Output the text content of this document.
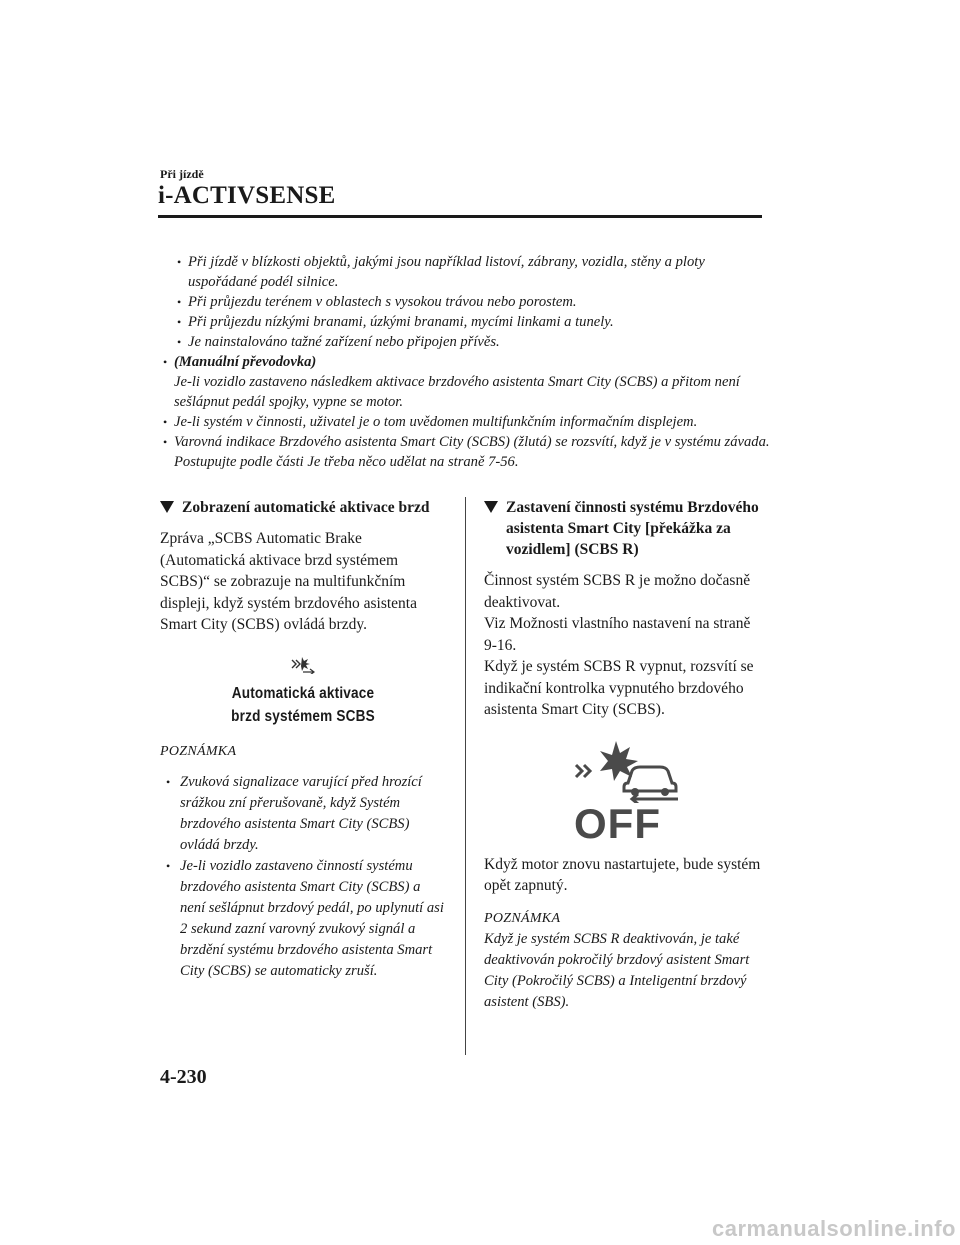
Při jízdě
i-ACTIVSENSE
• Při jízdě v blízkosti objektů, jakými jsou například listoví, zábrany, vozidla, stěny a ploty uspořádané podél silnice.
• Při průjezdu terénem v oblastech s vysokou trávou nebo porostem.
• Při průjezdu nízkými branami, úzkými branami, mycími linkami a tunely.
• Je nainstalováno tažné zařízení nebo připojen přívěs.
• (Manuální převodovka)
Je-li vozidlo zastaveno následkem aktivace brzdového asistenta Smart City (SCBS) a přitom není sešlápnut pedál spojky, vypne se motor.
• Je-li systém v činnosti, uživatel je o tom uvědomen multifunkčním informačním displejem.
• Varovná indikace Brzdového asistenta Smart City (SCBS) (žlutá) se rozsvítí, když je v systému závada.
Postupujte podle části Je třeba něco udělat na straně 7-56.
Zobrazení automatické aktivace brzd
Zpráva „SCBS Automatic Brake (Automatická aktivace brzd systémem SCBS)“ se zobrazuje na multifunkčním displeji, když systém brzdového asistenta Smart City (SCBS) ovládá brzdy.
Automatická aktivace
brzd systémem SCBS
POZNÁMKA
• Zvuková signalizace varující před hrozící srážkou zní přerušovaně, když Systém brzdového asistenta Smart City (SCBS) ovládá brzdy.
• Je-li vozidlo zastaveno činností systému brzdového asistenta Smart City (SCBS) a není sešlápnut brzdový pedál, po uplynutí asi 2 sekund zazní varovný zvukový signál a brzdění systému brzdového asistenta Smart City (SCBS) se automaticky zruší.
Zastavení činnosti systému Brzdového asistenta Smart City [překážka za vozidlem] (SCBS R)
Činnost systém SCBS R je možno dočasně deaktivovat.
Viz Možnosti vlastního nastavení na straně 9-16.
Když je systém SCBS R vypnut, rozsvítí se indikační kontrolka vypnutého brzdového asistenta Smart City (SCBS).
OFF
Když motor znovu nastartujete, bude systém opět zapnutý.
POZNÁMKA
Když je systém SCBS R deaktivován, je také deaktivován pokročilý brzdový asistent Smart City (Pokročilý SCBS) a Inteligentní brzdový asistent (SBS).
4-230
carmanualsonline.info
